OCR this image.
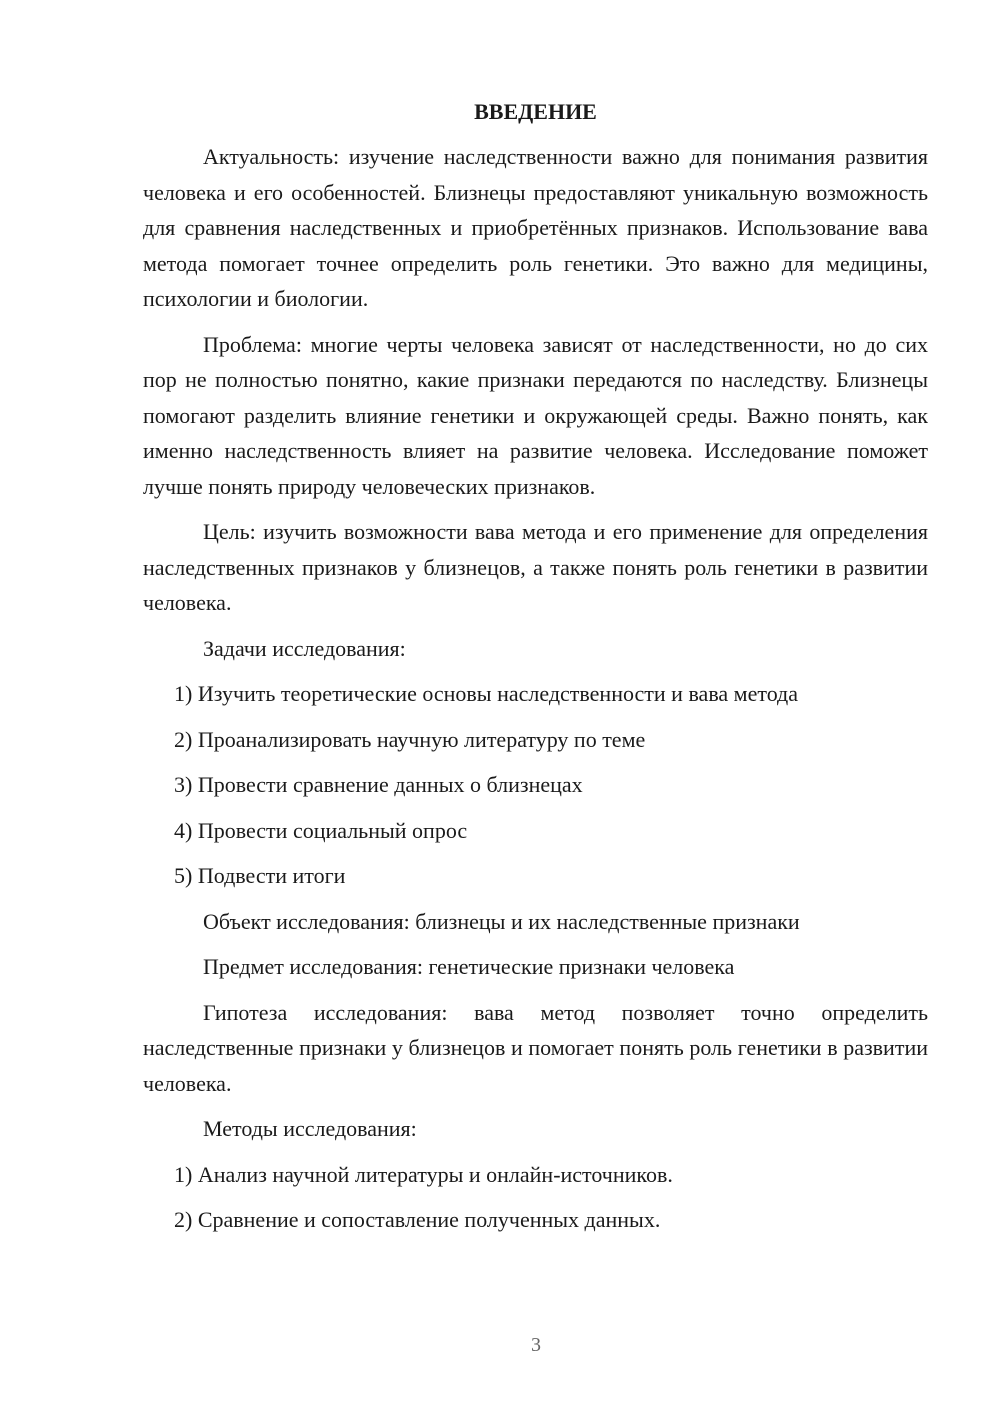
ВВЕДЕНИЕ

Актуальность: изучение наследственности важно для понимания развития человека и его особенностей. Близнецы предоставляют уникальную возможность для сравнения наследственных и приобретённых признаков. Использование вава метода помогает точнее определить роль генетики. Это важно для медицины, психологии и биологии.

Проблема: многие черты человека зависят от наследственности, но до сих пор не полностью понятно, какие признаки передаются по наследству. Близнецы помогают разделить влияние генетики и окружающей среды. Важно понять, как именно наследственность влияет на развитие человека. Исследование поможет лучше понять природу человеческих признаков.

Цель: изучить возможности вава метода и его применение для определения наследственных признаков у близнецов, а также понять роль генетики в развитии человека.

Задачи исследования:
1) Изучить теоретические основы наследственности и вава метода
2) Проанализировать научную литературу по теме
3) Провести сравнение данных о близнецах
4) Провести социальный опрос
5) Подвести итоги
Объект исследования: близнецы и их наследственные признаки
Предмет исследования: генетические признаки человека

Гипотеза исследования: вава метод позволяет точно определить наследственные признаки у близнецов и помогает понять роль генетики в развитии человека.

Методы исследования:
1) Анализ научной литературы и онлайн-источников.
2) Сравнение и сопоставление полученных данных.
3
